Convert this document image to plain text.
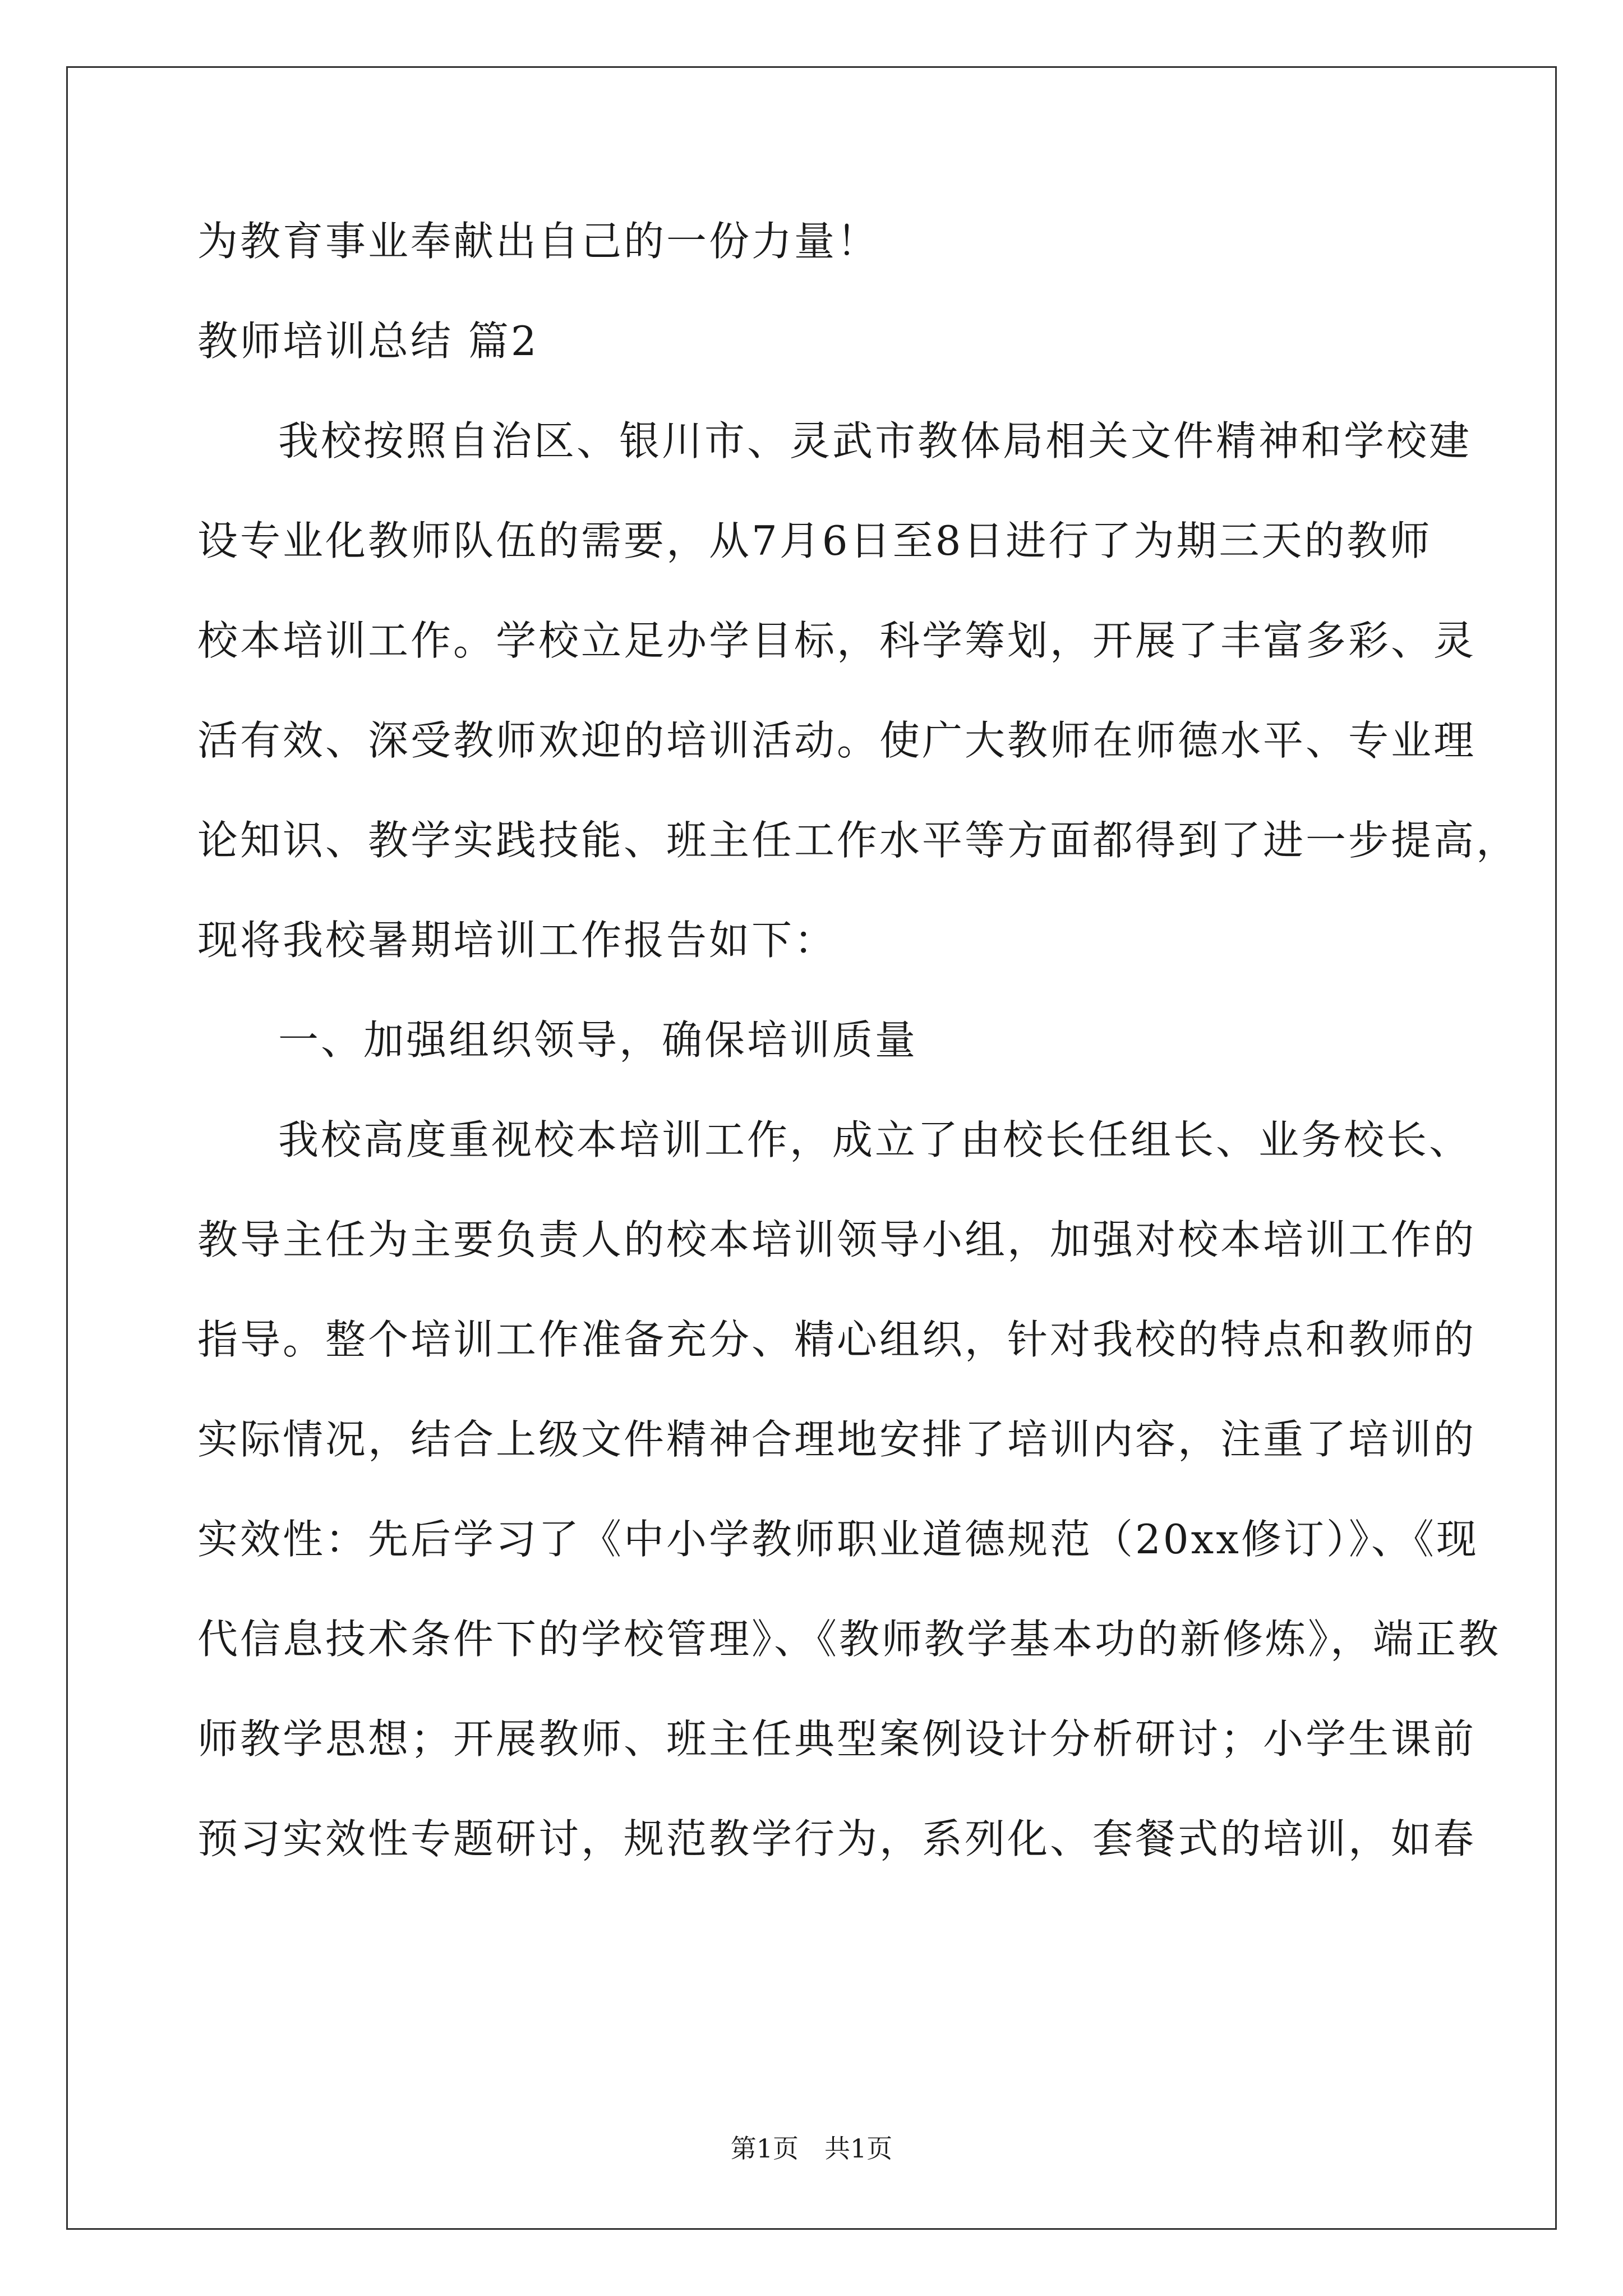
为教育事业奉献出自己的一份力量！
教师培训总结 篇2
我校按照自治区、银川市、灵武市教体局相关文件精神和学校建
设专业化教师队伍的需要，从7月6日至8日进行了为期三天的教师
校本培训工作。学校立足办学目标，科学筹划，开展了丰富多彩、灵
活有效、深受教师欢迎的培训活动。使广大教师在师德水平、专业理
论知识、教学实践技能、班主任工作水平等方面都得到了进一步提高，
现将我校暑期培训工作报告如下：
一、加强组织领导，确保培训质量
我校高度重视校本培训工作，成立了由校长任组长、业务校长、
教导主任为主要负责人的校本培训领导小组，加强对校本培训工作的
指导。整个培训工作准备充分、精心组织，针对我校的特点和教师的
实际情况，结合上级文件精神合理地安排了培训内容，注重了培训的
实效性：先后学习了《中小学教师职业道德规范（20xx修订）》、《现
代信息技术条件下的学校管理》、《教师教学基本功的新修炼》，端正教
师教学思想；开展教师、班主任典型案例设计分析研讨；小学生课前
预习实效性专题研讨，规范教学行为，系列化、套餐式的培训，如春
第1页 共1页
